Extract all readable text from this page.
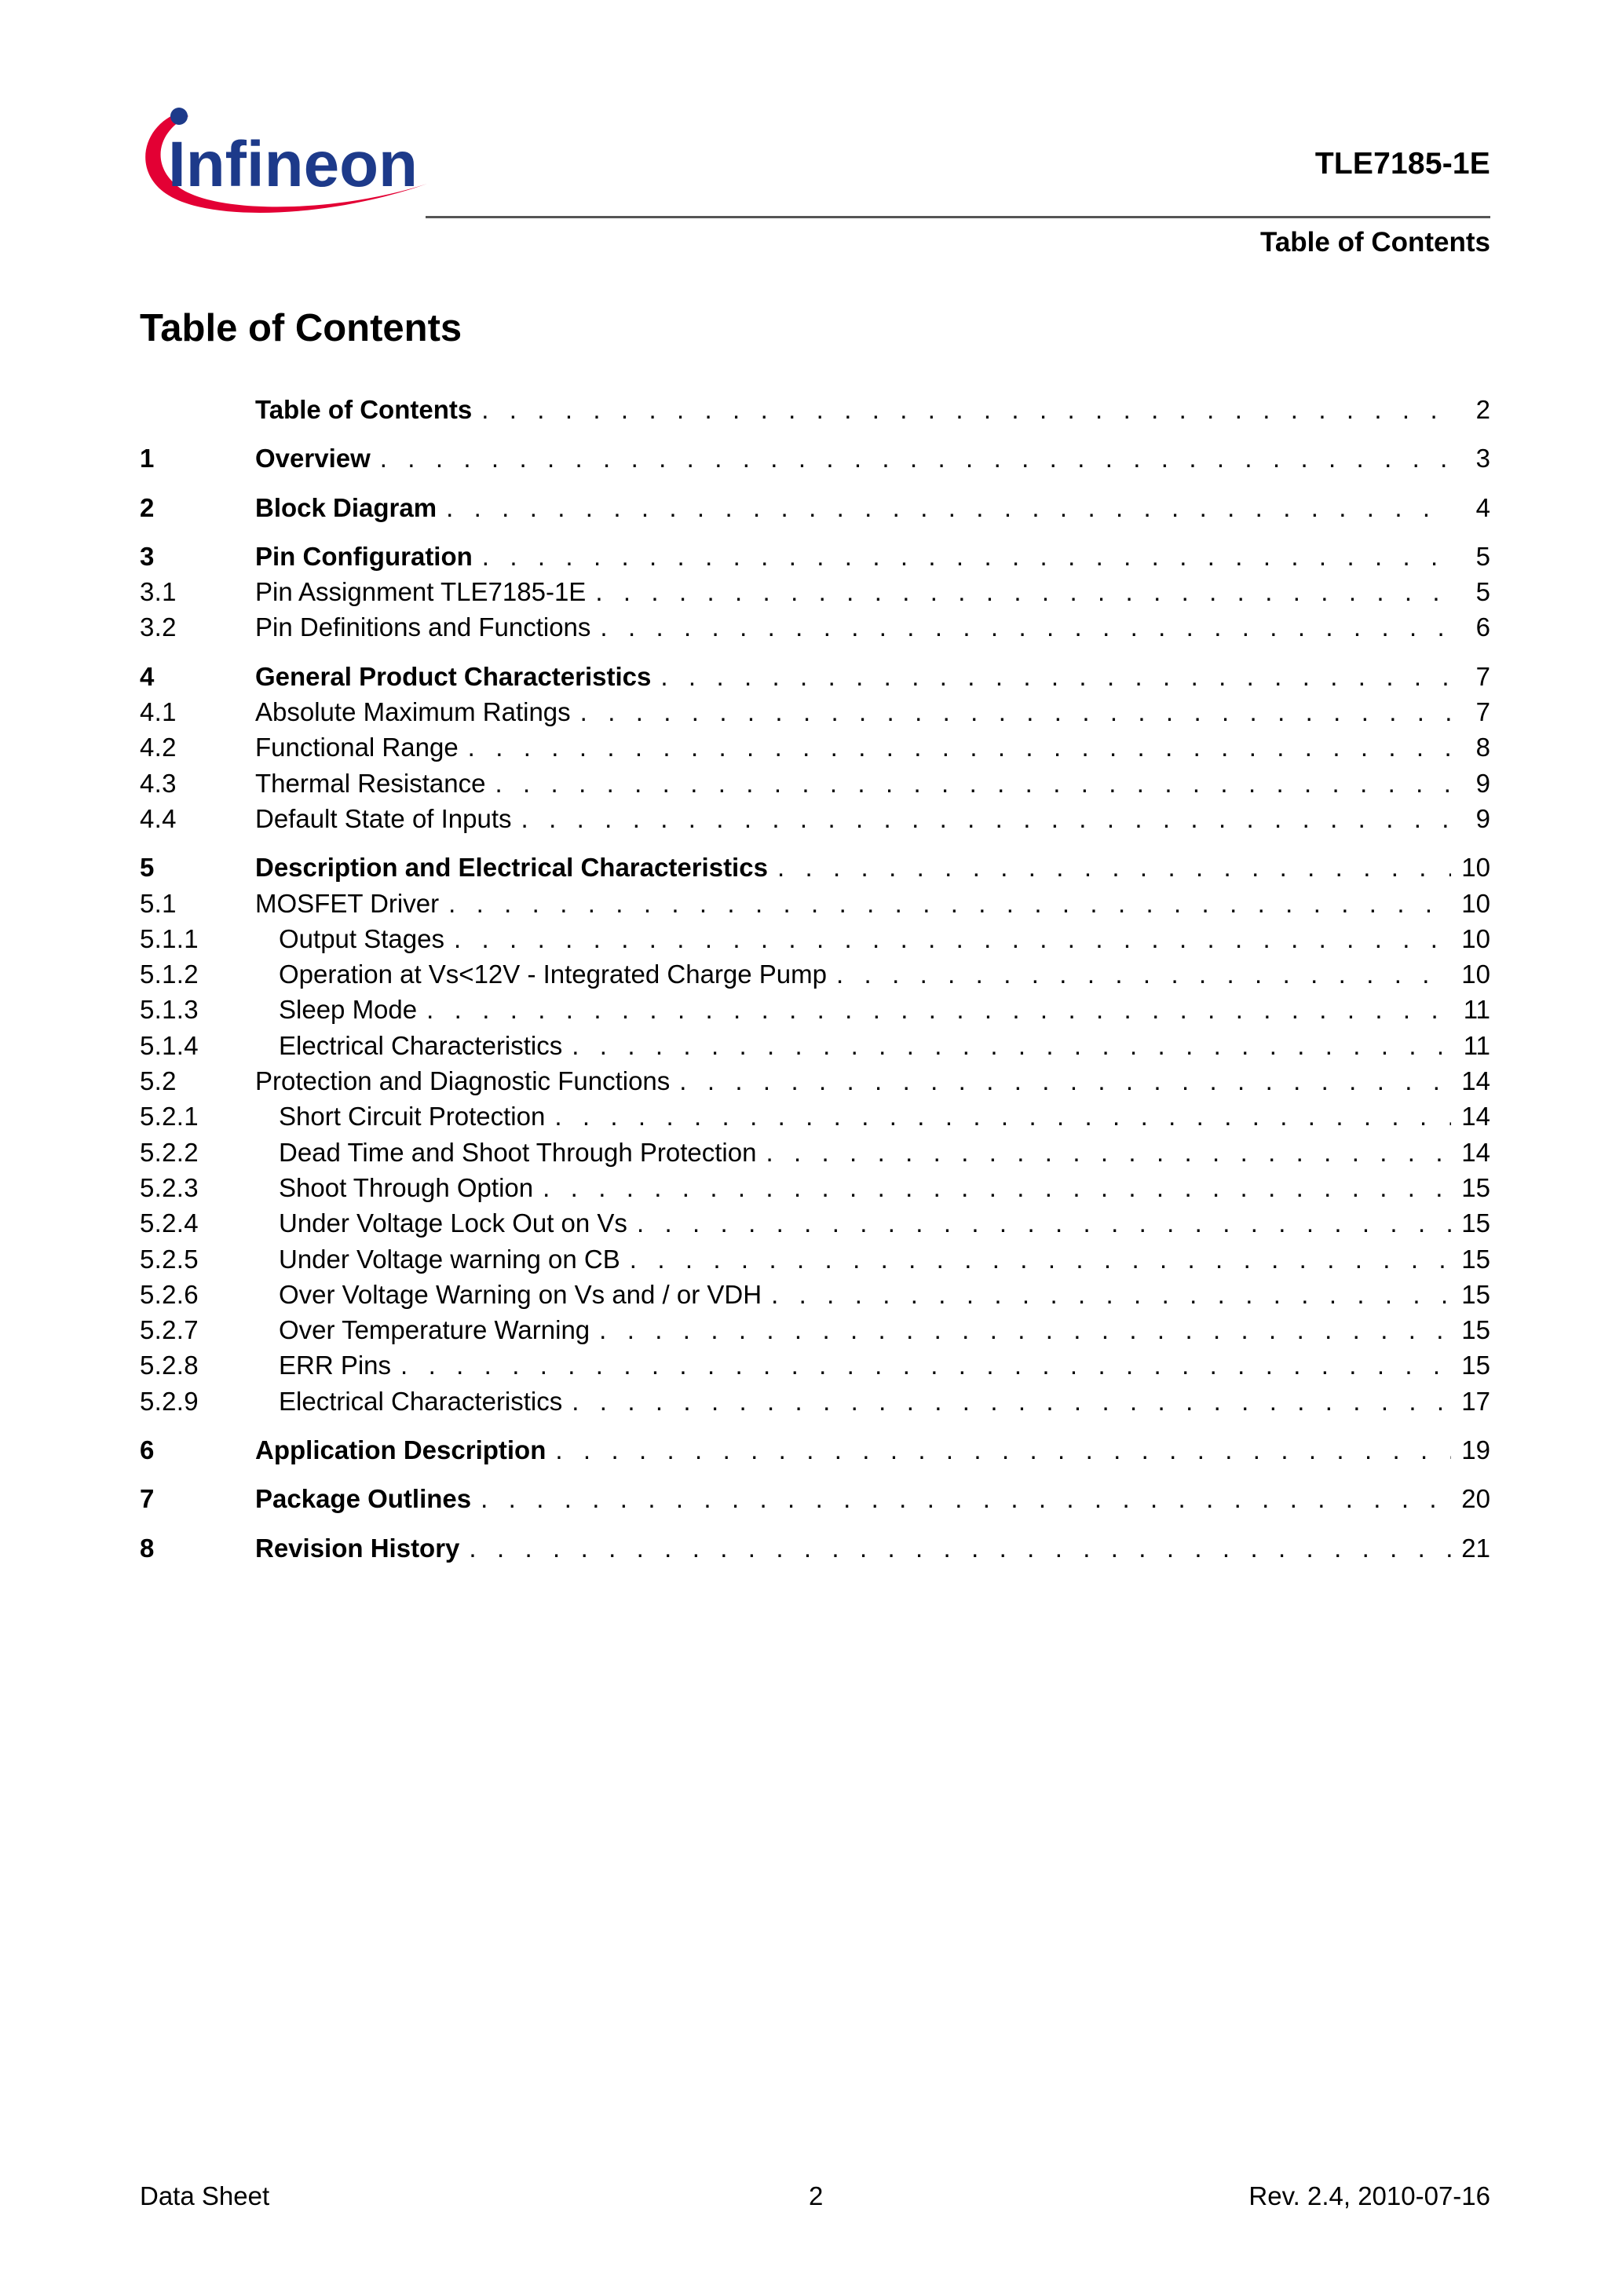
Infineon	TLE7185-1E
Table of Contents
Table of Contents
Table of Contents . . .	2
1	Overview . . .	3
2	Block Diagram . . .	4
3	Pin Configuration . . .	5
3.1	Pin Assignment TLE7185-1E . . .	5
3.2	Pin Definitions and Functions . . .	6
4	General Product Characteristics . . .	7
4.1	Absolute Maximum Ratings . . .	7
4.2	Functional Range . . .	8
4.3	Thermal Resistance . . .	9
4.4	Default State of Inputs . . .	9
5	Description and Electrical Characteristics . . .	10
5.1	MOSFET Driver . . .	10
5.1.1	Output Stages . . .	10
5.1.2	Operation at Vs<12V - Integrated Charge Pump . . .	10
5.1.3	Sleep Mode . . .	11
5.1.4	Electrical Characteristics . . .	11
5.2	Protection and Diagnostic Functions . . .	14
5.2.1	Short Circuit Protection . . .	14
5.2.2	Dead Time and Shoot Through Protection . . .	14
5.2.3	Shoot Through Option . . .	15
5.2.4	Under Voltage Lock Out on Vs . . .	15
5.2.5	Under Voltage warning on CB . . .	15
5.2.6	Over Voltage Warning on Vs and / or VDH . . .	15
5.2.7	Over Temperature Warning . . .	15
5.2.8	ERR Pins . . .	15
5.2.9	Electrical Characteristics . . .	17
6	Application Description . . .	19
7	Package Outlines . . .	20
8	Revision History . . .	21
Data Sheet	2	Rev. 2.4, 2010-07-16
